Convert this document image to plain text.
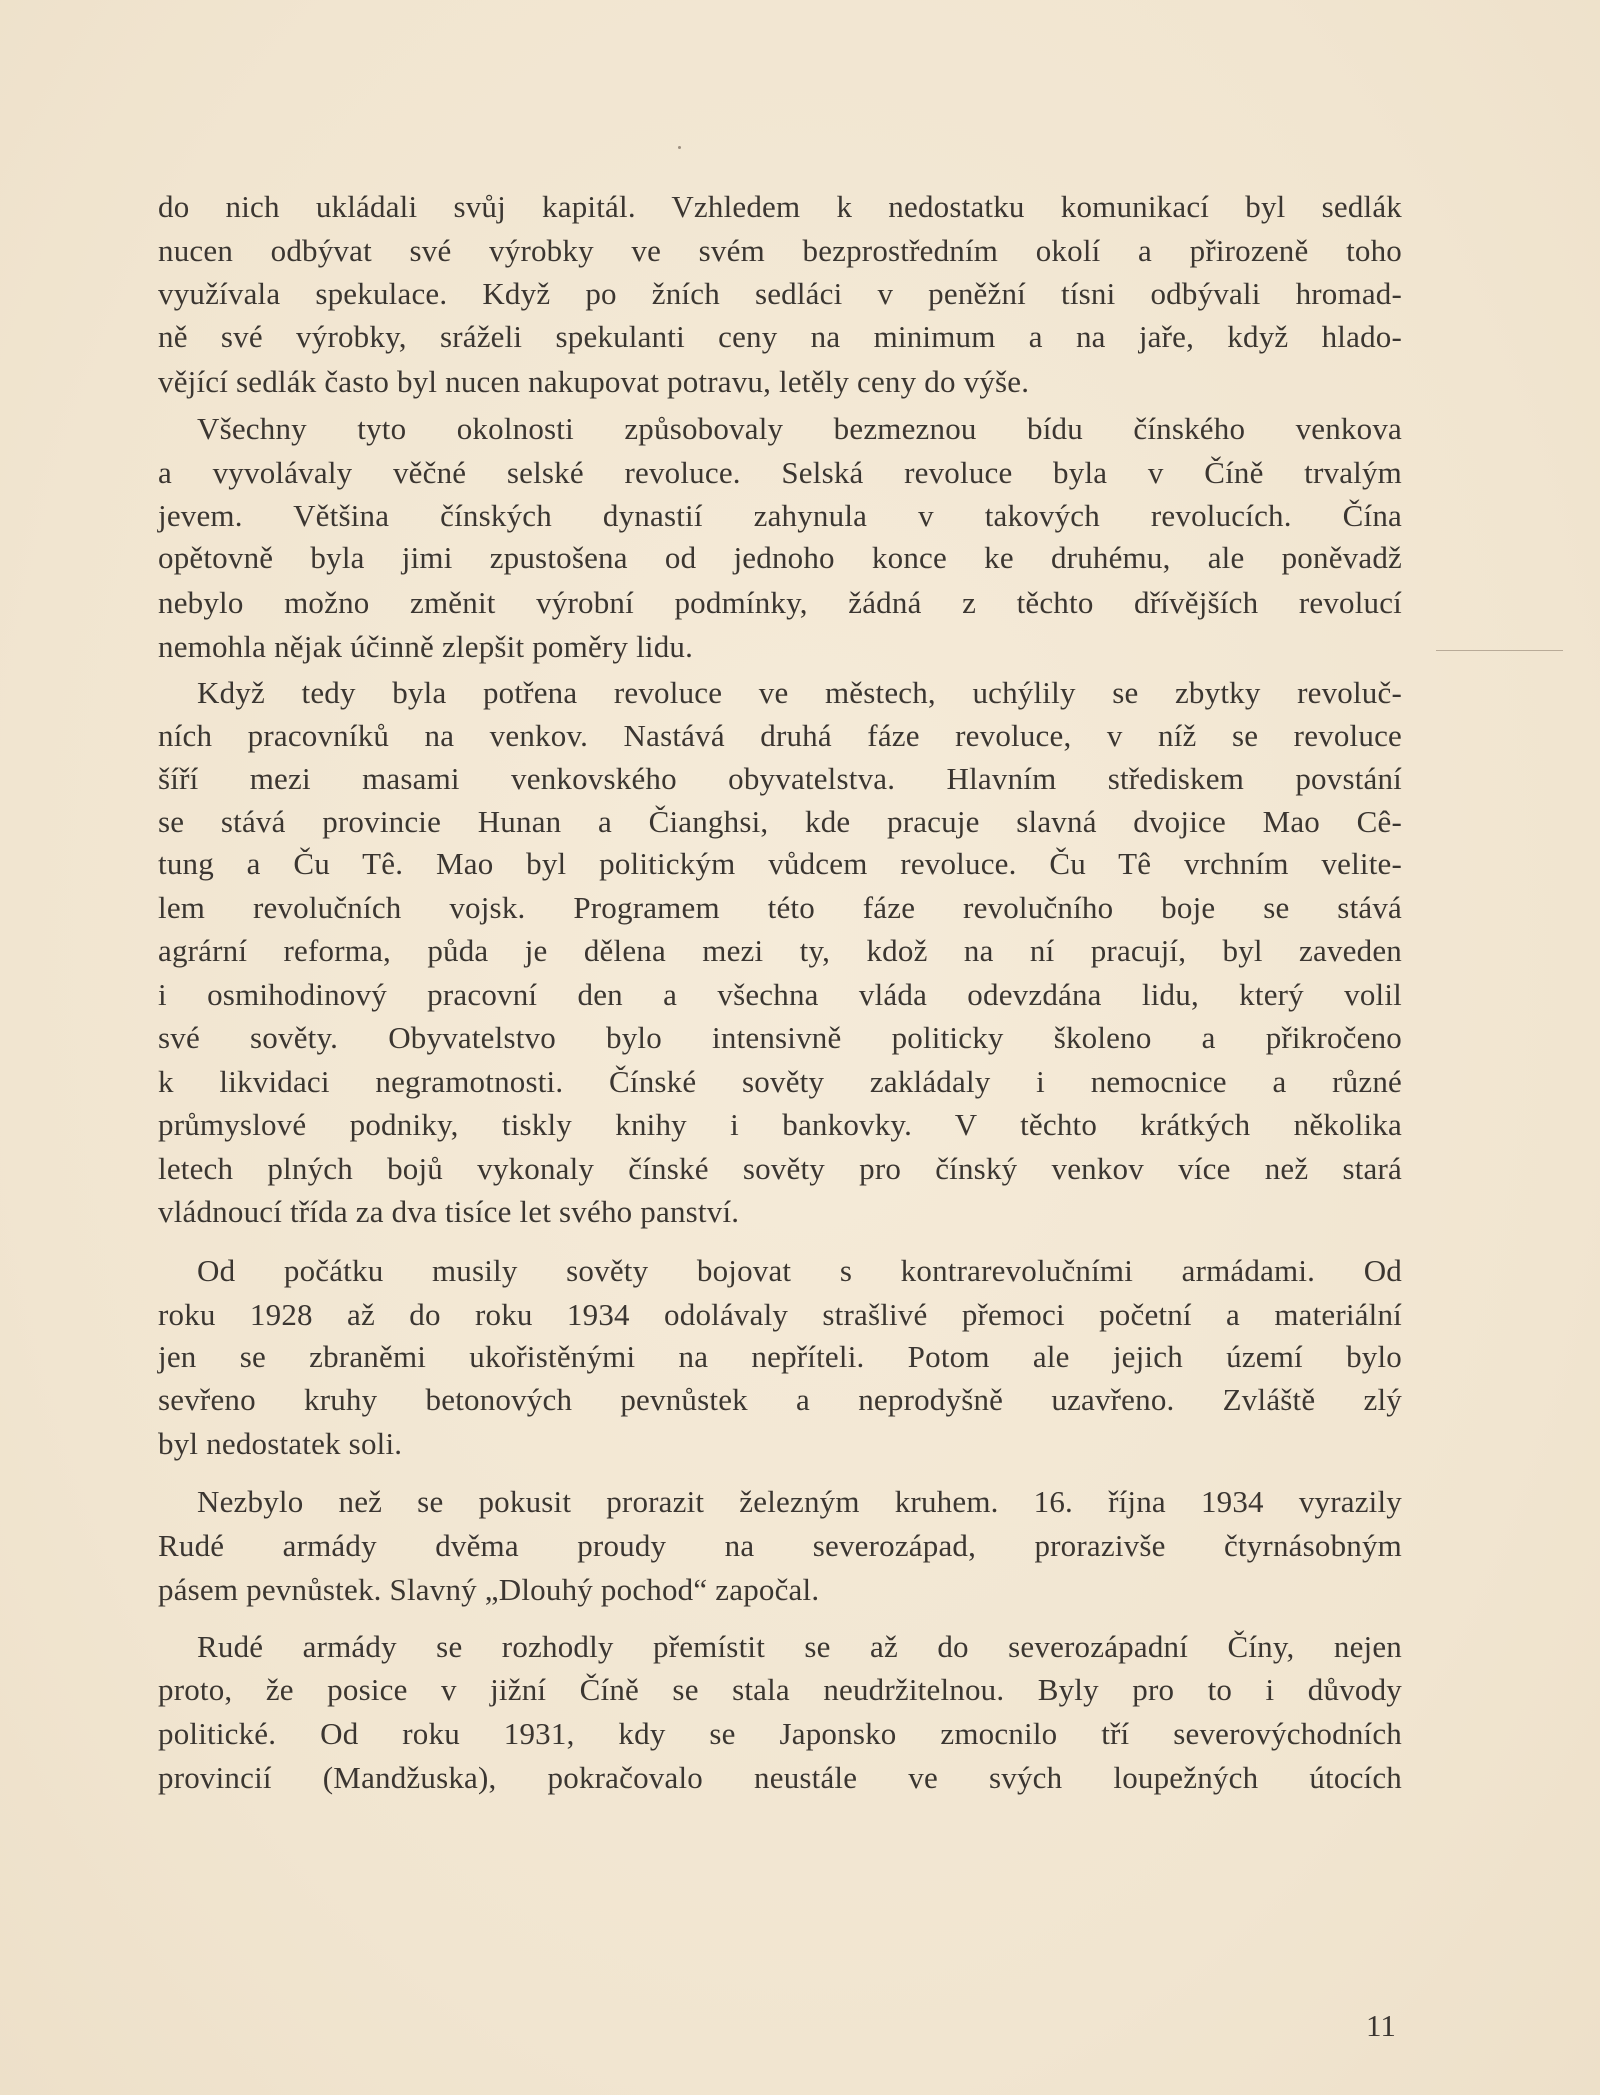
do nich ukládali svůj kapitál. Vzhledem k nedostatku komunikací byl sedlák
nucen odbývat své výrobky ve svém bezprostředním okolí a přirozeně toho
využívala spekulace. Když po žních sedláci v peněžní tísni odbývali hromad-
ně své výrobky, sráželi spekulanti ceny na minimum a na jaře, když hlado-
vějící sedlák často byl nucen nakupovat potravu, letěly ceny do výše.
Všechny tyto okolnosti způsobovaly bezmeznou bídu čínského venkova
a vyvolávaly věčné selské revoluce. Selská revoluce byla v Číně trvalým
jevem. Většina čínských dynastií zahynula v takových revolucích. Čína
opětovně byla jimi zpustošena od jednoho konce ke druhému, ale poněvadž
nebylo možno změnit výrobní podmínky, žádná z těchto dřívějších revolucí
nemohla nějak účinně zlepšit poměry lidu.
Když tedy byla potřena revoluce ve městech, uchýlily se zbytky revoluč-
ních pracovníků na venkov. Nastává druhá fáze revoluce, v níž se revoluce
šíří mezi masami venkovského obyvatelstva. Hlavním střediskem povstání
se stává provincie Hunan a Čianghsi, kde pracuje slavná dvojice Mao Cê-
tung a Ču Tê. Mao byl politickým vůdcem revoluce. Ču Tê vrchním velite-
lem revolučních vojsk. Programem této fáze revolučního boje se stává
agrární reforma, půda je dělena mezi ty, kdož na ní pracují, byl zaveden
i osmihodinový pracovní den a všechna vláda odevzdána lidu, který volil
své sověty. Obyvatelstvo bylo intensivně politicky školeno a přikročeno
k likvidaci negramotnosti. Čínské sověty zakládaly i nemocnice a různé
průmyslové podniky, tiskly knihy i bankovky. V těchto krátkých několika
letech plných bojů vykonaly čínské sověty pro čínský venkov více než stará
vládnoucí třída za dva tisíce let svého panství.
Od počátku musily sověty bojovat s kontrarevolučními armádami. Od
roku 1928 až do roku 1934 odolávaly strašlivé přemoci početní a materiální
jen se zbraněmi ukořistěnými na nepříteli. Potom ale jejich území bylo
sevřeno kruhy betonových pevnůstek a neprodyšně uzavřeno. Zvláště zlý
byl nedostatek soli.
Nezbylo než se pokusit prorazit železným kruhem. 16. října 1934 vyrazily
Rudé armády dvěma proudy na severozápad, prorazivše čtyrnásobným
pásem pevnůstek. Slavný „Dlouhý pochod“ započal.
Rudé armády se rozhodly přemístit se až do severozápadní Číny, nejen
proto, že posice v jižní Číně se stala neudržitelnou. Byly pro to i důvody
politické. Od roku 1931, kdy se Japonsko zmocnilo tří severovýchodních
provincií (Mandžuska), pokračovalo neustále ve svých loupežných útocích
11
